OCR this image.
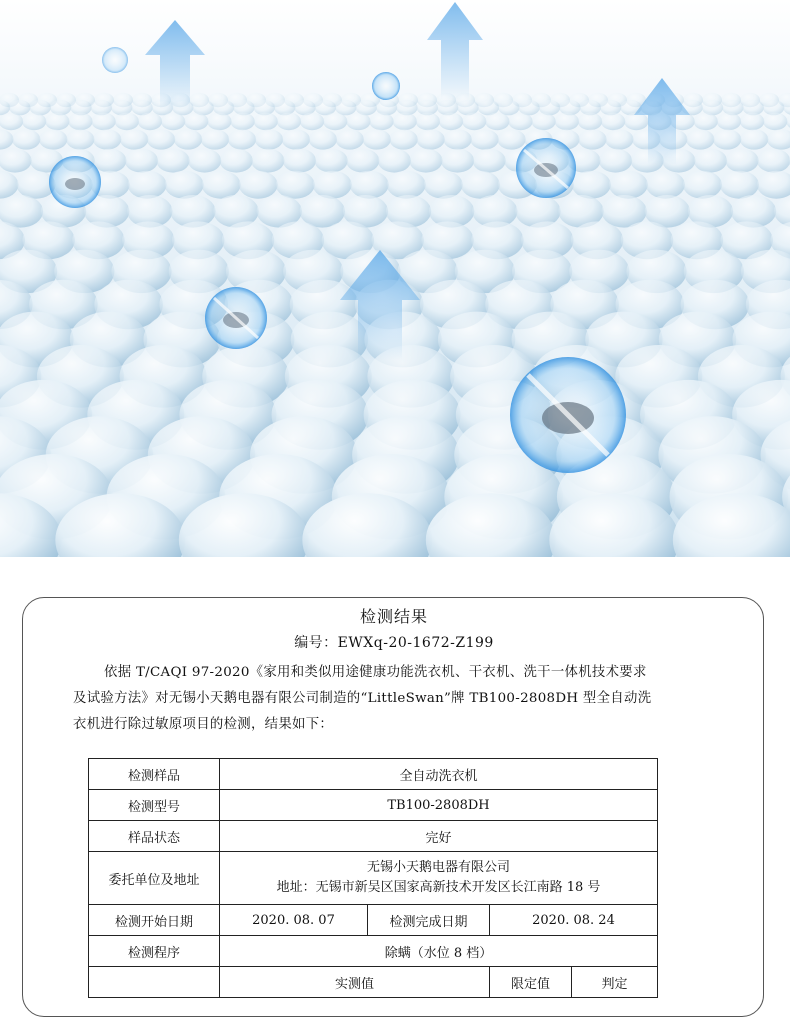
检测结果
编号：EWXq-20-1672-Z199

依据 T/CAQI 97-2020《家用和类似用途健康功能洗衣机、干衣机、洗干一体机技术要求

及试验方法》对无锡小天鹅电器有限公司制造的“LittleSwan”牌 TB100-2808DH 型全自动洗

衣机进行除过敏原项目的检测，结果如下：

检测样品	全自动洗衣机			
检测型号	TB100-2808DH			
样品状态	完好			
委托单位及地址	无锡小天鹅电器有限公司
地址：无锡市新吴区国家高新技术开发区长江南路 18 号			

检测开始日期	2020. 08. 07	检测完成日期	2020. 08. 24	
检测程序	除螨（水位 8 档）			
	实测值		限定值	判定
